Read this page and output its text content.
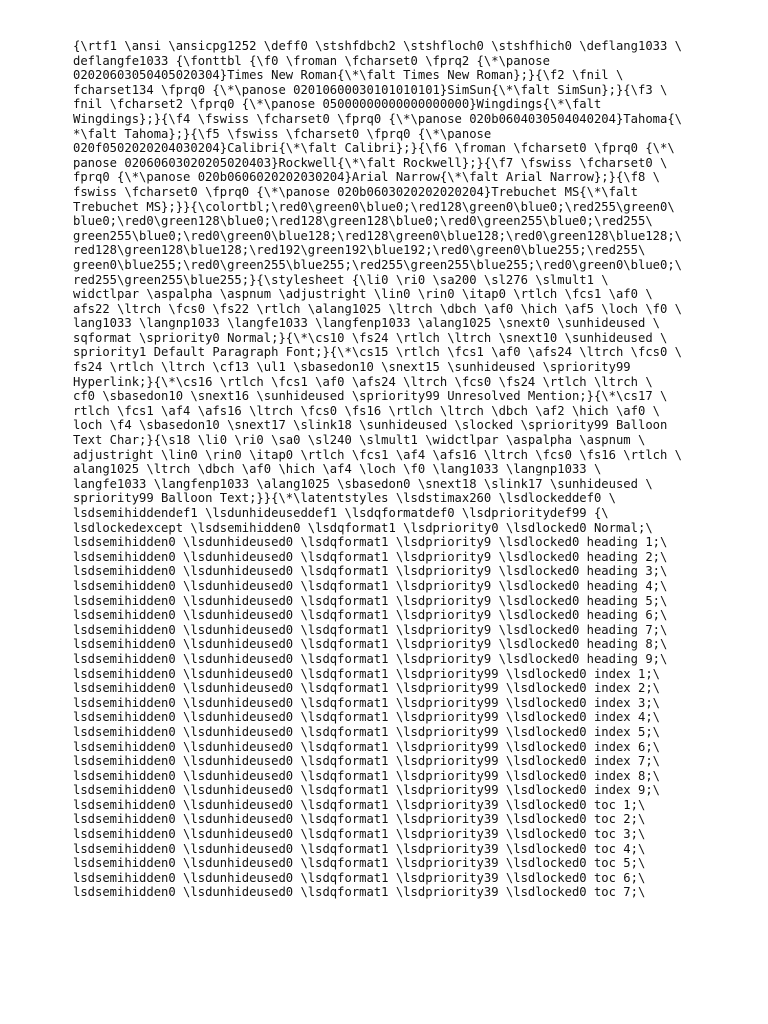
{\rtf1 \ansi \ansicpg1252 \deff0 \stshfdbch2 \stshfloch0 \stshfhich0 \deflang1033 \
deflangfe1033 {\fonttbl {\f0 \froman \fcharset0 \fprq2 {\*\panose
02020603050405020304}Times New Roman{\*\falt Times New Roman};}{\f2 \fnil \
fcharset134 \fprq0 {\*\panose 02010600030101010101}SimSun{\*\falt SimSun};}{\f3 \
fnil \fcharset2 \fprq0 {\*\panose 05000000000000000000}Wingdings{\*\falt
Wingdings};}{\f4 \fswiss \fcharset0 \fprq0 {\*\panose 020b0604030504040204}Tahoma{\
*\falt Tahoma};}{\f5 \fswiss \fcharset0 \fprq0 {\*\panose
020f0502020204030204}Calibri{\*\falt Calibri};}{\f6 \froman \fcharset0 \fprq0 {\*\
panose 02060603020205020403}Rockwell{\*\falt Rockwell};}{\f7 \fswiss \fcharset0 \
fprq0 {\*\panose 020b0606020202030204}Arial Narrow{\*\falt Arial Narrow};}{\f8 \
fswiss \fcharset0 \fprq0 {\*\panose 020b0603020202020204}Trebuchet MS{\*\falt
Trebuchet MS};}}{\colortbl;\red0\green0\blue0;\red128\green0\blue0;\red255\green0\
blue0;\red0\green128\blue0;\red128\green128\blue0;\red0\green255\blue0;\red255\
green255\blue0;\red0\green0\blue128;\red128\green0\blue128;\red0\green128\blue128;\
red128\green128\blue128;\red192\green192\blue192;\red0\green0\blue255;\red255\
green0\blue255;\red0\green255\blue255;\red255\green255\blue255;\red0\green0\blue0;\
red255\green255\blue255;}{\stylesheet {\li0 \ri0 \sa200 \sl276 \slmult1 \
widctlpar \aspalpha \aspnum \adjustright \lin0 \rin0 \itap0 \rtlch \fcs1 \af0 \
afs22 \ltrch \fcs0 \fs22 \rtlch \alang1025 \ltrch \dbch \af0 \hich \af5 \loch \f0 \
lang1033 \langnp1033 \langfe1033 \langfenp1033 \alang1025 \snext0 \sunhideused \
sqformat \spriority0 Normal;}{\*\cs10 \fs24 \rtlch \ltrch \snext10 \sunhideused \
spriority1 Default Paragraph Font;}{\*\cs15 \rtlch \fcs1 \af0 \afs24 \ltrch \fcs0 \
fs24 \rtlch \ltrch \cf13 \ul1 \sbasedon10 \snext15 \sunhideused \spriority99
Hyperlink;}{\*\cs16 \rtlch \fcs1 \af0 \afs24 \ltrch \fcs0 \fs24 \rtlch \ltrch \
cf0 \sbasedon10 \snext16 \sunhideused \spriority99 Unresolved Mention;}{\*\cs17 \
rtlch \fcs1 \af4 \afs16 \ltrch \fcs0 \fs16 \rtlch \ltrch \dbch \af2 \hich \af0 \
loch \f4 \sbasedon10 \snext17 \slink18 \sunhideused \slocked \spriority99 Balloon
Text Char;}{\s18 \li0 \ri0 \sa0 \sl240 \slmult1 \widctlpar \aspalpha \aspnum \
adjustright \lin0 \rin0 \itap0 \rtlch \fcs1 \af4 \afs16 \ltrch \fcs0 \fs16 \rtlch \
alang1025 \ltrch \dbch \af0 \hich \af4 \loch \f0 \lang1033 \langnp1033 \
langfe1033 \langfenp1033 \alang1025 \sbasedon0 \snext18 \slink17 \sunhideused \
spriority99 Balloon Text;}}{\*\latentstyles \lsdstimax260 \lsdlockeddef0 \
lsdsemihiddendef1 \lsdunhideuseddef1 \lsdqformatdef0 \lsdprioritydef99 {\
lsdlockedexcept \lsdsemihidden0 \lsdqformat1 \lsdpriority0 \lsdlocked0 Normal;\
lsdsemihidden0 \lsdunhideused0 \lsdqformat1 \lsdpriority9 \lsdlocked0 heading 1;\
lsdsemihidden0 \lsdunhideused0 \lsdqformat1 \lsdpriority9 \lsdlocked0 heading 2;\
lsdsemihidden0 \lsdunhideused0 \lsdqformat1 \lsdpriority9 \lsdlocked0 heading 3;\
lsdsemihidden0 \lsdunhideused0 \lsdqformat1 \lsdpriority9 \lsdlocked0 heading 4;\
lsdsemihidden0 \lsdunhideused0 \lsdqformat1 \lsdpriority9 \lsdlocked0 heading 5;\
lsdsemihidden0 \lsdunhideused0 \lsdqformat1 \lsdpriority9 \lsdlocked0 heading 6;\
lsdsemihidden0 \lsdunhideused0 \lsdqformat1 \lsdpriority9 \lsdlocked0 heading 7;\
lsdsemihidden0 \lsdunhideused0 \lsdqformat1 \lsdpriority9 \lsdlocked0 heading 8;\
lsdsemihidden0 \lsdunhideused0 \lsdqformat1 \lsdpriority9 \lsdlocked0 heading 9;\
lsdsemihidden0 \lsdunhideused0 \lsdqformat1 \lsdpriority99 \lsdlocked0 index 1;\
lsdsemihidden0 \lsdunhideused0 \lsdqformat1 \lsdpriority99 \lsdlocked0 index 2;\
lsdsemihidden0 \lsdunhideused0 \lsdqformat1 \lsdpriority99 \lsdlocked0 index 3;\
lsdsemihidden0 \lsdunhideused0 \lsdqformat1 \lsdpriority99 \lsdlocked0 index 4;\
lsdsemihidden0 \lsdunhideused0 \lsdqformat1 \lsdpriority99 \lsdlocked0 index 5;\
lsdsemihidden0 \lsdunhideused0 \lsdqformat1 \lsdpriority99 \lsdlocked0 index 6;\
lsdsemihidden0 \lsdunhideused0 \lsdqformat1 \lsdpriority99 \lsdlocked0 index 7;\
lsdsemihidden0 \lsdunhideused0 \lsdqformat1 \lsdpriority99 \lsdlocked0 index 8;\
lsdsemihidden0 \lsdunhideused0 \lsdqformat1 \lsdpriority99 \lsdlocked0 index 9;\
lsdsemihidden0 \lsdunhideused0 \lsdqformat1 \lsdpriority39 \lsdlocked0 toc 1;\
lsdsemihidden0 \lsdunhideused0 \lsdqformat1 \lsdpriority39 \lsdlocked0 toc 2;\
lsdsemihidden0 \lsdunhideused0 \lsdqformat1 \lsdpriority39 \lsdlocked0 toc 3;\
lsdsemihidden0 \lsdunhideused0 \lsdqformat1 \lsdpriority39 \lsdlocked0 toc 4;\
lsdsemihidden0 \lsdunhideused0 \lsdqformat1 \lsdpriority39 \lsdlocked0 toc 5;\
lsdsemihidden0 \lsdunhideused0 \lsdqformat1 \lsdpriority39 \lsdlocked0 toc 6;\
lsdsemihidden0 \lsdunhideused0 \lsdqformat1 \lsdpriority39 \lsdlocked0 toc 7;\
